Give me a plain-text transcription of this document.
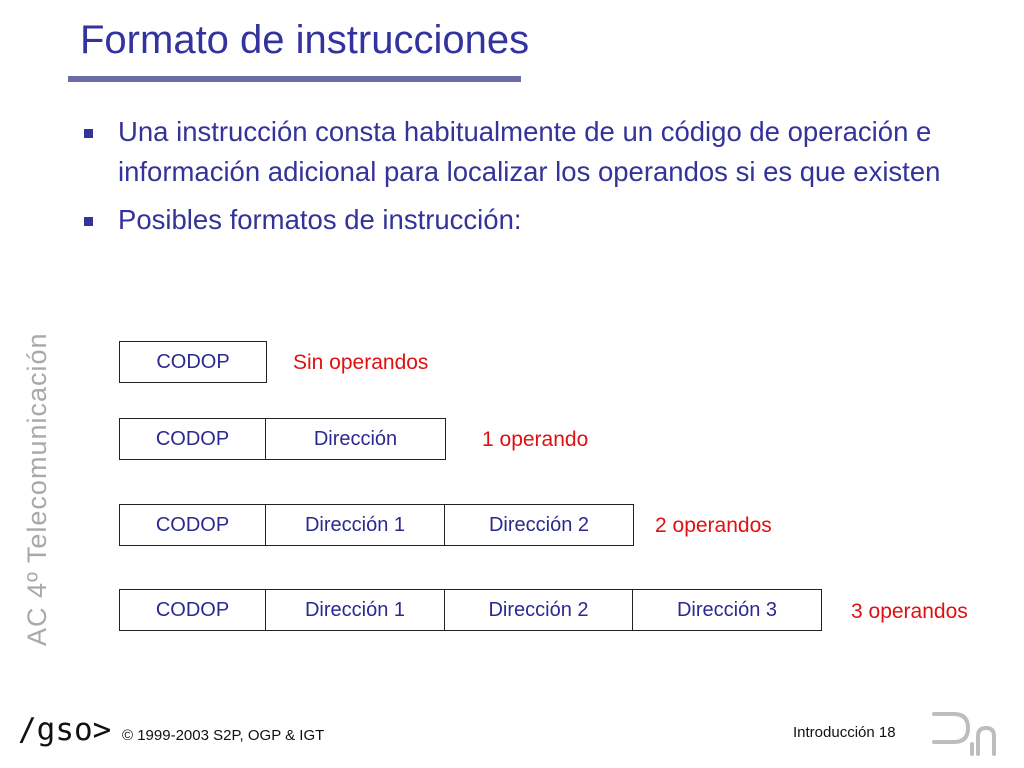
Formato de instrucciones
Una instrucción consta habitualmente de un código de operación e información adicional para localizar los operandos si es que existen
Posibles formatos de instrucción:
AC 4º Telecomunicación	CODOP	Sin operandos
CODOP	Dirección	1 operando
CODOP	Dirección 1	Dirección 2	2 operandos
CODOP	Dirección 1	Dirección 2	Dirección 3	3 operandos
/gso> © 1999-2003 S2P, OGP & IGT	Introducción 18
